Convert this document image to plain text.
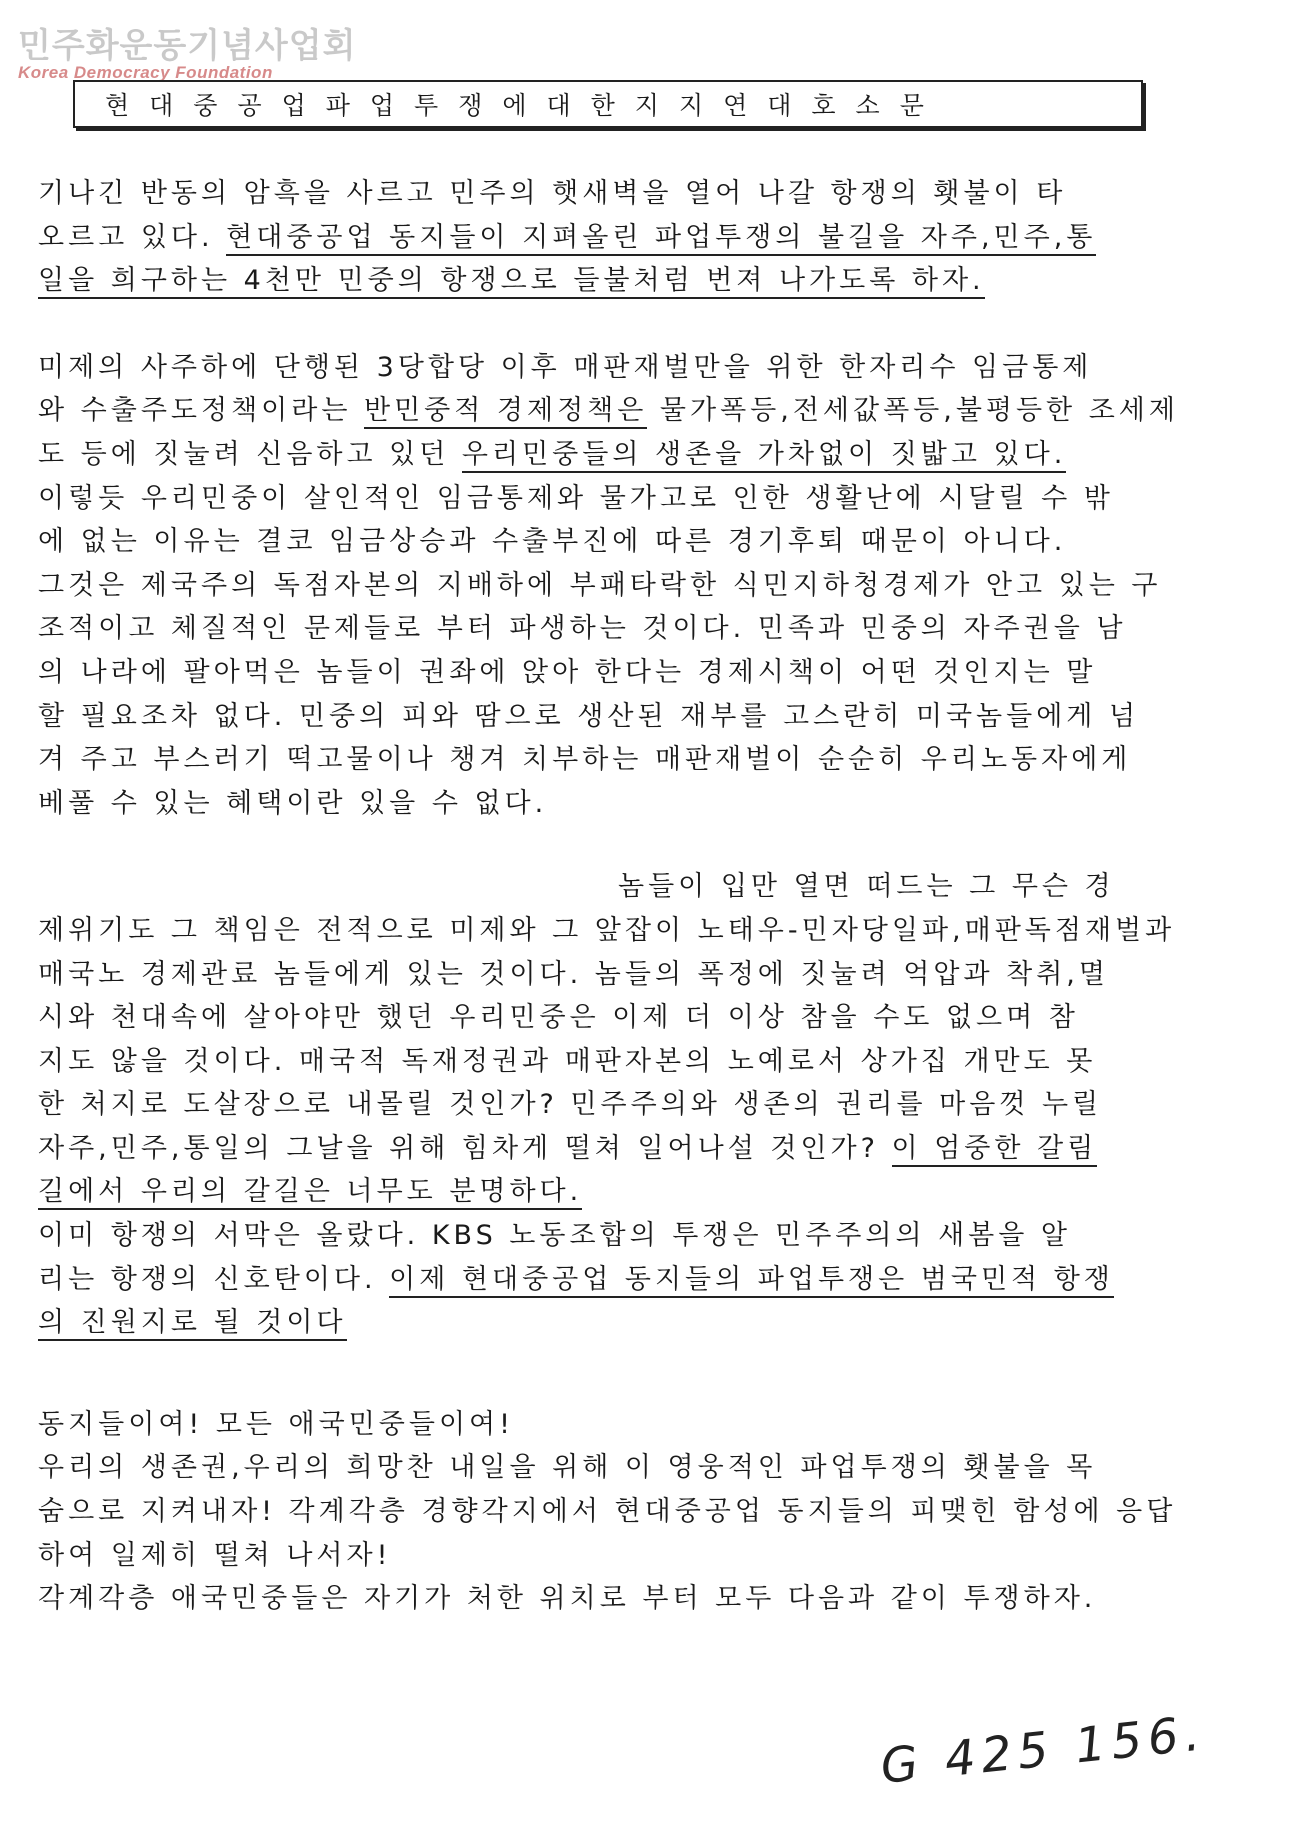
민주화운동기념사업회
Korea Democracy Foundation
현대중공업파업투쟁에대한지지연대호소문
기나긴 반동의 암흑을 사르고 민주의 햇새벽을 열어 나갈 항쟁의 횃불이 타
오르고 있다. 현대중공업 동지들이 지펴올린 파업투쟁의 불길을 자주,민주,통
일을 희구하는 4천만 민중의 항쟁으로 들불처럼 번져 나가도록 하자.
미제의 사주하에 단행된 3당합당 이후 매판재벌만을 위한 한자리수 임금통제
와 수출주도정책이라는 반민중적 경제정책은 물가폭등,전세값폭등,불평등한 조세제
도 등에 짓눌려 신음하고 있던 우리민중들의 생존을 가차없이 짓밟고 있다.
이렇듯 우리민중이 살인적인 임금통제와 물가고로 인한 생활난에 시달릴 수 밖
에 없는 이유는 결코 임금상승과 수출부진에 따른 경기후퇴 때문이 아니다.
그것은 제국주의 독점자본의 지배하에 부패타락한 식민지하청경제가 안고 있는 구
조적이고 체질적인 문제들로 부터 파생하는 것이다. 민족과 민중의 자주권을 남
의 나라에 팔아먹은 놈들이 권좌에 앉아 한다는 경제시책이 어떤 것인지는 말
할 필요조차 없다. 민중의 피와 땀으로 생산된 재부를 고스란히 미국놈들에게 넘
겨 주고 부스러기 떡고물이나 챙겨 치부하는 매판재벌이 순순히 우리노동자에게
베풀 수 있는 혜택이란 있을 수 없다.
놈들이 입만 열면 떠드는 그 무슨 경
제위기도 그 책임은 전적으로 미제와 그 앞잡이 노태우-민자당일파,매판독점재벌과
매국노 경제관료 놈들에게 있는 것이다. 놈들의 폭정에 짓눌려 억압과 착취,멸
시와 천대속에 살아야만 했던 우리민중은 이제 더 이상 참을 수도 없으며 참
지도 않을 것이다. 매국적 독재정권과 매판자본의 노예로서 상가집 개만도 못
한 처지로 도살장으로 내몰릴 것인가? 민주주의와 생존의 권리를 마음껏 누릴
자주,민주,통일의 그날을 위해 힘차게 떨쳐 일어나설 것인가? 이 엄중한 갈림
길에서 우리의 갈길은 너무도 분명하다.
이미 항쟁의 서막은 올랐다. KBS 노동조합의 투쟁은 민주주의의 새봄을 알
리는 항쟁의 신호탄이다. 이제 현대중공업 동지들의 파업투쟁은 범국민적 항쟁
의 진원지로 될 것이다
동지들이여! 모든 애국민중들이여!
우리의 생존권,우리의 희망찬 내일을 위해 이 영웅적인 파업투쟁의 횃불을 목
숨으로 지켜내자! 각계각층 경향각지에서 현대중공업 동지들의 피맺힌 함성에 응답
하여 일제히 떨쳐 나서자!
각계각층 애국민중들은 자기가 처한 위치로 부터 모두 다음과 같이 투쟁하자.
G 425 156.
